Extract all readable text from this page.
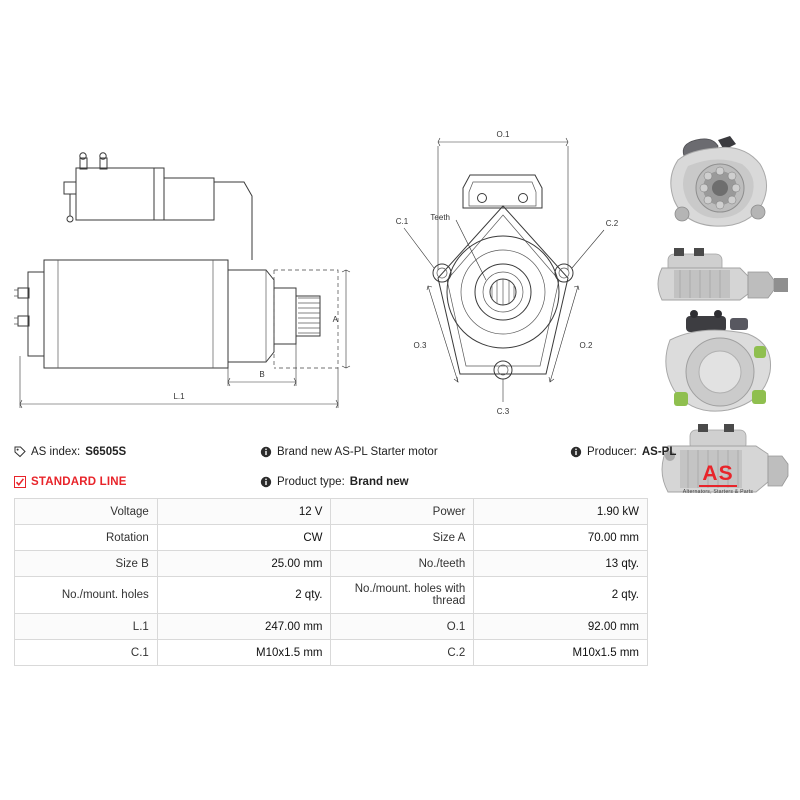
A
B
L.1
O.1
C.1	C.2
C.3
Teeth
O.3	O.2
AS index: S6505S	Brand new AS-PL Starter motor	Producer: AS-PL
STANDARD LINE	Product type: Brand new	AS
Alternators, Starters & Parts
Voltage	12 V	Power	1.90 kW
Rotation	CW	Size A	70.00 mm
Size B	25.00 mm	No./teeth	13 qty.
No./mount. holes	2 qty.	No./mount. holes with thread	2 qty.
L.1	247.00 mm	O.1	92.00 mm
C.1	M10x1.5 mm	C.2	M10x1.5 mm
